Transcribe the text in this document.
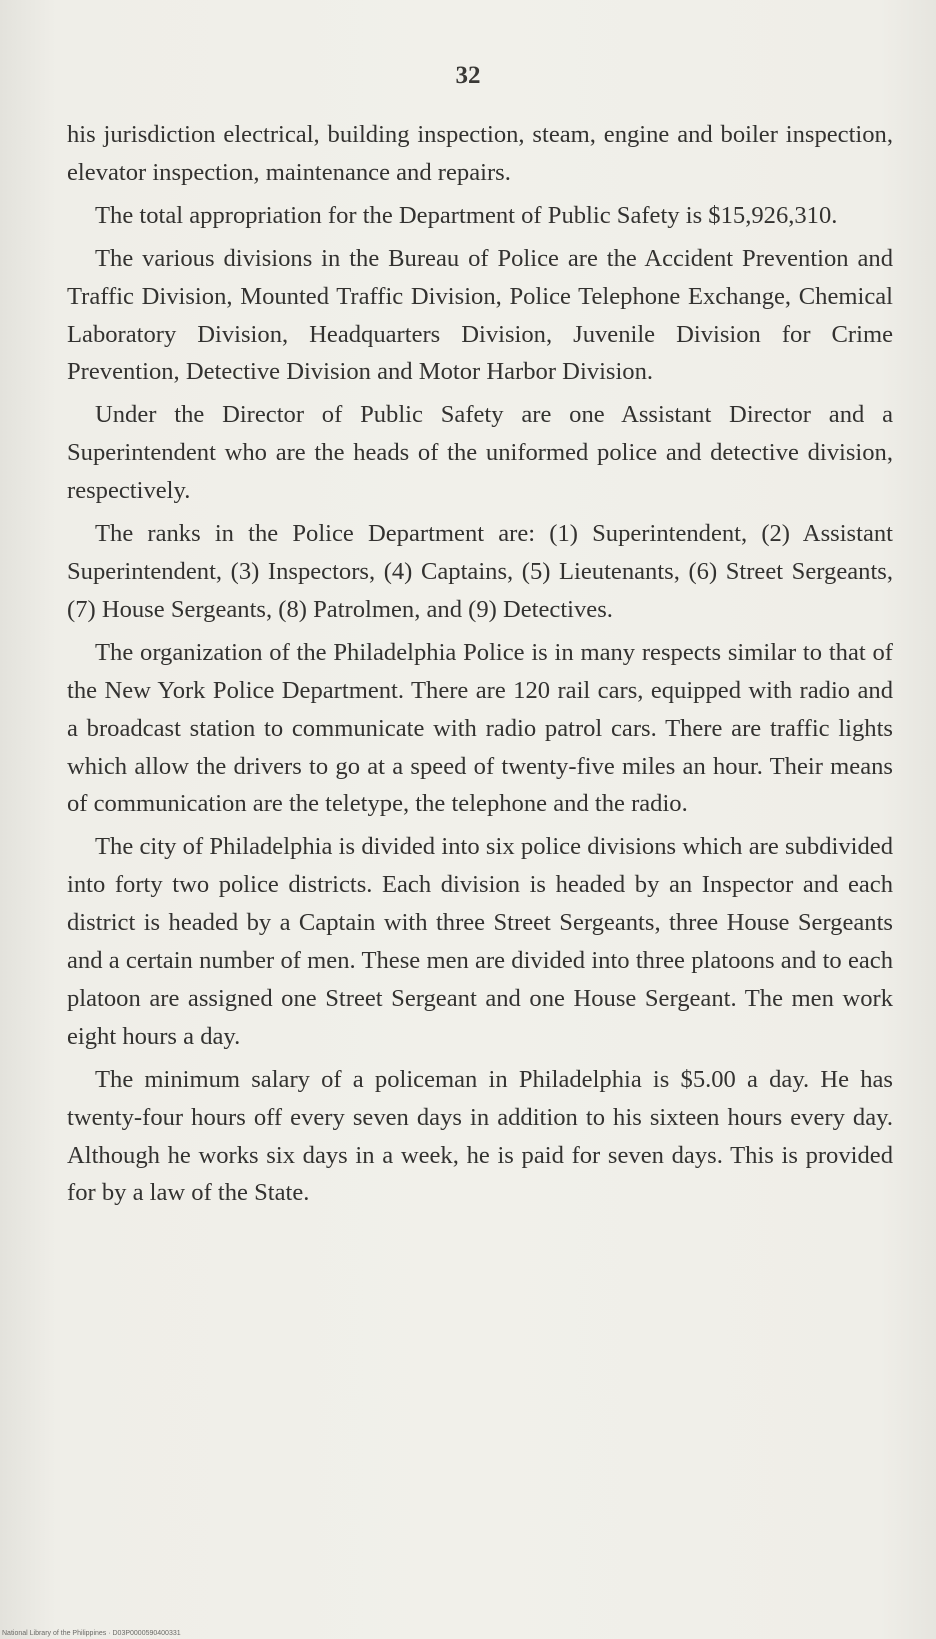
32

his jurisdiction electrical, building inspection, steam, engine and boiler inspection, elevator inspection, maintenance and repairs.

The total appropriation for the Department of Public Safety is $15,926,310.

The various divisions in the Bureau of Police are the Accident Prevention and Traffic Division, Mounted Traffic Division, Police Telephone Exchange, Chemical Laboratory Division, Headquarters Division, Juvenile Division for Crime Prevention, Detective Division and Motor Harbor Division.

Under the Director of Public Safety are one Assistant Director and a Superintendent who are the heads of the uniformed police and detective division, respectively.

The ranks in the Police Department are: (1) Superintendent, (2) Assistant Superintendent, (3) Inspectors, (4) Captains, (5) Lieutenants, (6) Street Sergeants, (7) House Sergeants, (8) Patrolmen, and (9) Detectives.

The organization of the Philadelphia Police is in many respects similar to that of the New York Police Department. There are 120 rail cars, equipped with radio and a broadcast station to communicate with radio patrol cars. There are traffic lights which allow the drivers to go at a speed of twenty-five miles an hour. Their means of communication are the teletype, the telephone and the radio.

The city of Philadelphia is divided into six police divisions which are subdivided into forty two police districts. Each division is headed by an Inspector and each district is headed by a Captain with three Street Sergeants, three House Sergeants and a certain number of men. These men are divided into three platoons and to each platoon are assigned one Street Sergeant and one House Sergeant. The men work eight hours a day.

The minimum salary of a policeman in Philadelphia is $5.00 a day. He has twenty-four hours off every seven days in addition to his sixteen hours every day. Although he works six days in a week, he is paid for seven days. This is provided for by a law of the State.

National Library of the Philippines · D03P0000590400331
